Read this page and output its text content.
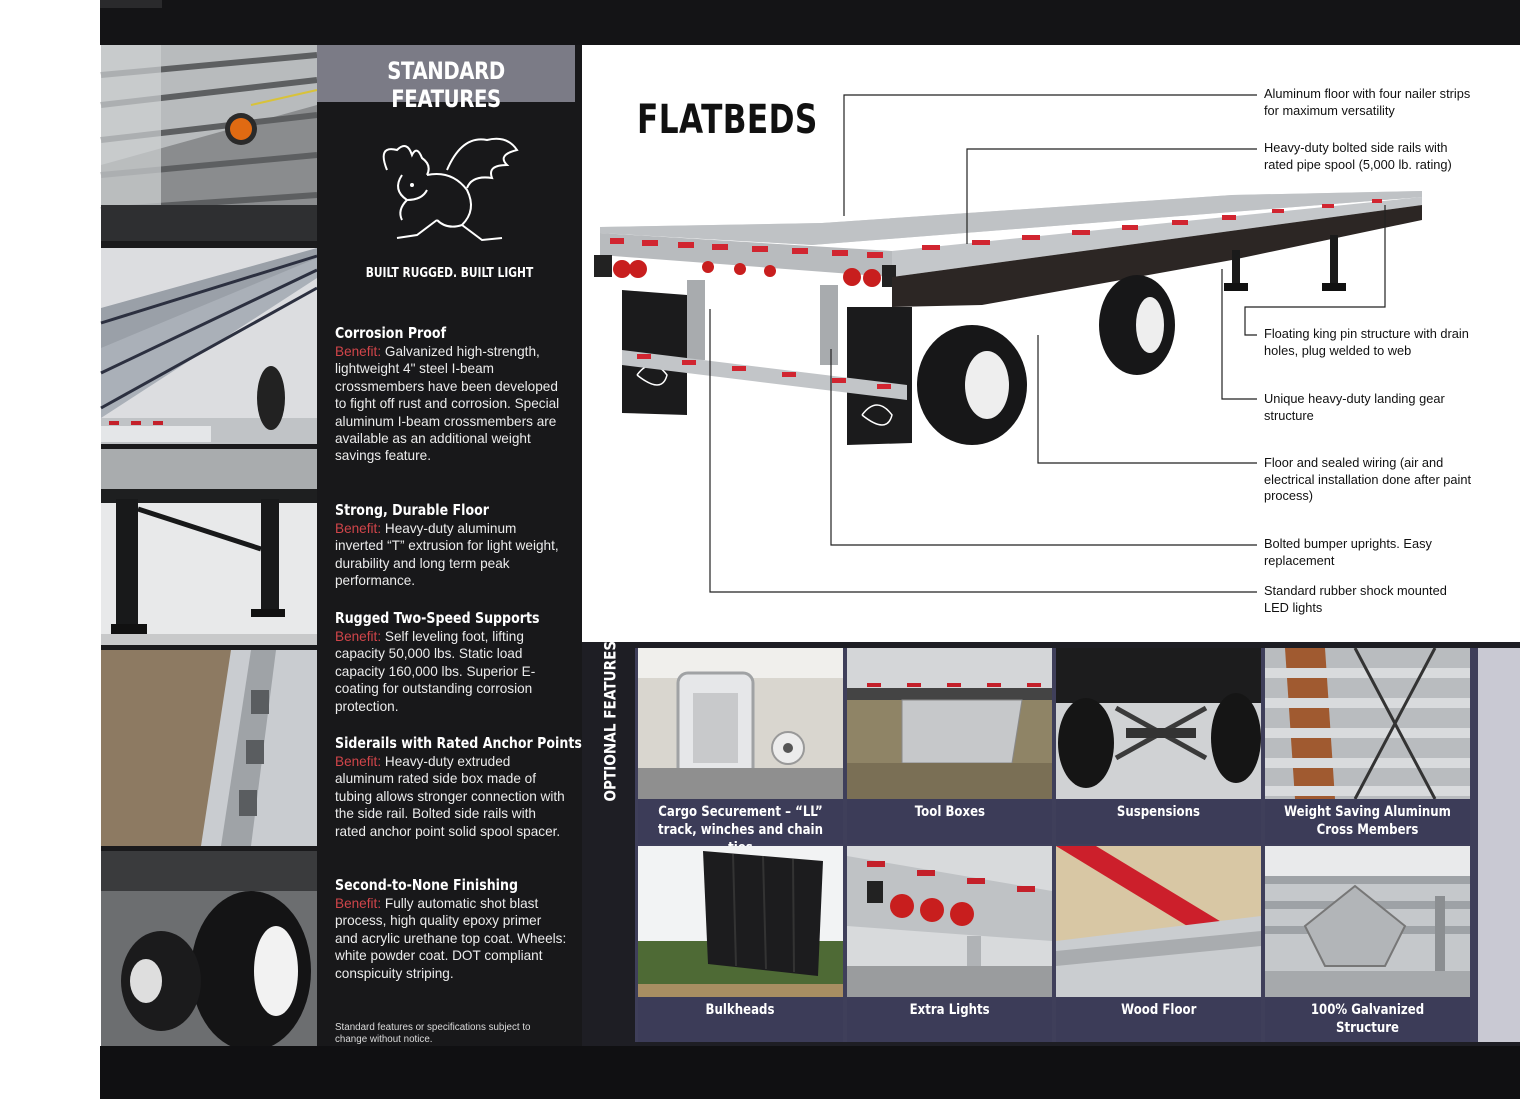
STANDARD FEATURES
BUILT RUGGED. BUILT LIGHT
Corrosion Proof
Benefit: Galvanized high-strength, lightweight 4" steel I-beam crossmembers have been developed to fight off rust and corrosion. Special aluminum I-beam crossmembers are available as an additional weight savings feature.
Strong, Durable Floor
Benefit: Heavy-duty aluminum inverted “T” extrusion for light weight, durability and long term peak performance.
Rugged Two-Speed Supports
Benefit: Self leveling foot, lifting capacity 50,000 lbs. Static load capacity 160,000 lbs. Superior E-coating for outstanding corrosion protection.
Siderails with Rated Anchor Points
Benefit: Heavy-duty extruded aluminum rated side box made of tubing allows stronger connection with the side rail. Bolted side rails with rated anchor point solid spool spacer.
Second-to-None Finishing
Benefit: Fully automatic shot blast process, high quality epoxy primer and acrylic urethane top coat. Wheels: white powder coat. DOT compliant conspicuity striping.
Standard features or specifications subject to change without notice.
FLATBEDS
Aluminum floor with four nailer strips for maximum versatility
Heavy-duty bolted side rails with rated pipe spool (5,000 lb. rating)
Floating king pin structure with drain holes, plug welded to web
Unique heavy-duty landing gear structure
Floor and sealed wiring (air and electrical installation done after paint process)
Bolted bumper uprights. Easy replacement
Standard rubber shock mounted LED lights
OPTIONAL FEATURES
Cargo Securement – “LL” track, winches and chain
Tool Boxes	Suspensions	Weight Saving Aluminum Cross Members
Bulkheads	Extra Lights	Wood Floor	100% Galvanized Structure
